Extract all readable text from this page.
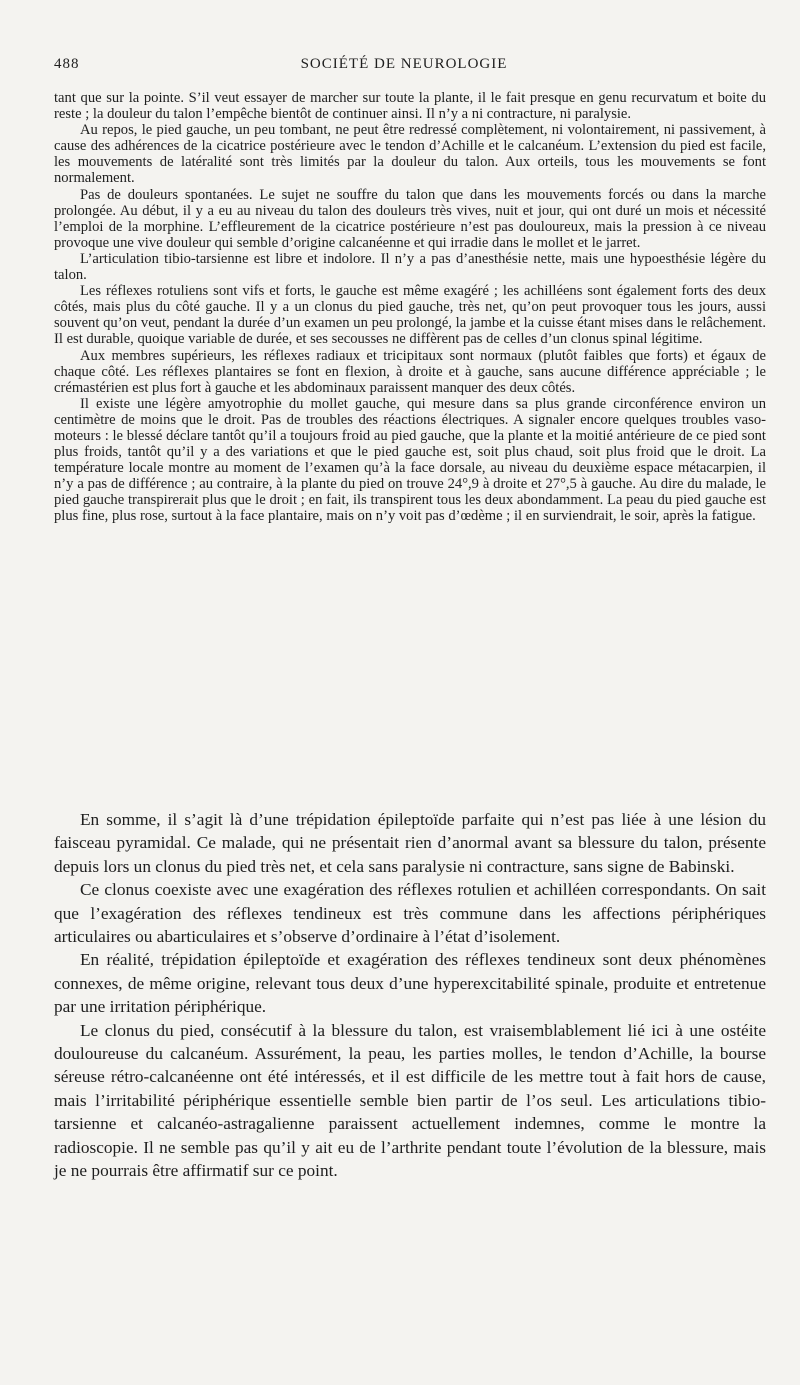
488	SOCIÉTÉ DE NEUROLOGIE

tant que sur la pointe. S’il veut essayer de marcher sur toute la plante, il le fait presque en genu recurvatum et boite du reste ; la douleur du talon l’empêche bientôt de continuer ainsi. Il n’y a ni contracture, ni paralysie.

Au repos, le pied gauche, un peu tombant, ne peut être redressé complètement, ni volontairement, ni passivement, à cause des adhérences de la cicatrice postérieure avec le tendon d’Achille et le calcanéum. L’extension du pied est facile, les mouvements de latéralité sont très limités par la douleur du talon. Aux orteils, tous les mouvements se font normalement.

Pas de douleurs spontanées. Le sujet ne souffre du talon que dans les mouvements forcés ou dans la marche prolongée. Au début, il y a eu au niveau du talon des douleurs très vives, nuit et jour, qui ont duré un mois et nécessité l’emploi de la morphine. L’effleurement de la cicatrice postérieure n’est pas douloureux, mais la pression à ce niveau provoque une vive douleur qui semble d’origine calcanéenne et qui irradie dans le mollet et le jarret.

L’articulation tibio-tarsienne est libre et indolore. Il n’y a pas d’anesthésie nette, mais une hypoesthésie légère du talon.

Les réflexes rotuliens sont vifs et forts, le gauche est même exagéré ; les achilléens sont également forts des deux côtés, mais plus du côté gauche. Il y a un clonus du pied gauche, très net, qu’on peut provoquer tous les jours, aussi souvent qu’on veut, pendant la durée d’un examen un peu prolongé, la jambe et la cuisse étant mises dans le relâchement. Il est durable, quoique variable de durée, et ses secousses ne diffèrent pas de celles d’un clonus spinal légitime.

Aux membres supérieurs, les réflexes radiaux et tricipitaux sont normaux (plutôt faibles que forts) et égaux de chaque côté. Les réflexes plantaires se font en flexion, à droite et à gauche, sans aucune différence appréciable ; le crémastérien est plus fort à gauche et les abdominaux paraissent manquer des deux côtés.

Il existe une légère amyotrophie du mollet gauche, qui mesure dans sa plus grande circonférence environ un centimètre de moins que le droit. Pas de troubles des réactions électriques. A signaler encore quelques troubles vaso-moteurs : le blessé déclare tantôt qu’il a toujours froid au pied gauche, que la plante et la moitié antérieure de ce pied sont plus froids, tantôt qu’il y a des variations et que le pied gauche est, soit plus chaud, soit plus froid que le droit. La température locale montre au moment de l’examen qu’à la face dorsale, au niveau du deuxième espace métacarpien, il n’y a pas de différence ; au contraire, à la plante du pied on trouve 24°,9 à droite et 27°,5 à gauche. Au dire du malade, le pied gauche transpirerait plus que le droit ; en fait, ils transpirent tous les deux abondamment. La peau du pied gauche est plus fine, plus rose, surtout à la face plantaire, mais on n’y voit pas d’œdème ; il en surviendrait, le soir, après la fatigue.

En somme, il s’agit là d’une trépidation épileptoïde parfaite qui n’est pas liée à une lésion du faisceau pyramidal. Ce malade, qui ne présentait rien d’anormal avant sa blessure du talon, présente depuis lors un clonus du pied très net, et cela sans paralysie ni contracture, sans signe de Babinski.

Ce clonus coexiste avec une exagération des réflexes rotulien et achilléen correspondants. On sait que l’exagération des réflexes tendineux est très commune dans les affections périphériques articulaires ou abarticulaires et s’observe d’ordinaire à l’état d’isolement.

En réalité, trépidation épileptoïde et exagération des réflexes tendineux sont deux phénomènes connexes, de même origine, relevant tous deux d’une hyperexcitabilité spinale, produite et entretenue par une irritation périphérique.

Le clonus du pied, consécutif à la blessure du talon, est vraisemblablement lié ici à une ostéite douloureuse du calcanéum. Assurément, la peau, les parties molles, le tendon d’Achille, la bourse séreuse rétro-calcanéenne ont été intéressés, et il est difficile de les mettre tout à fait hors de cause, mais l’irritabilité périphérique essentielle semble bien partir de l’os seul. Les articulations tibio-tarsienne et calcanéo-astragalienne paraissent actuellement indemnes, comme le montre la radioscopie. Il ne semble pas qu’il y ait eu de l’arthrite pendant toute l’évolution de la blessure, mais je ne pourrais être affirmatif sur ce point.
